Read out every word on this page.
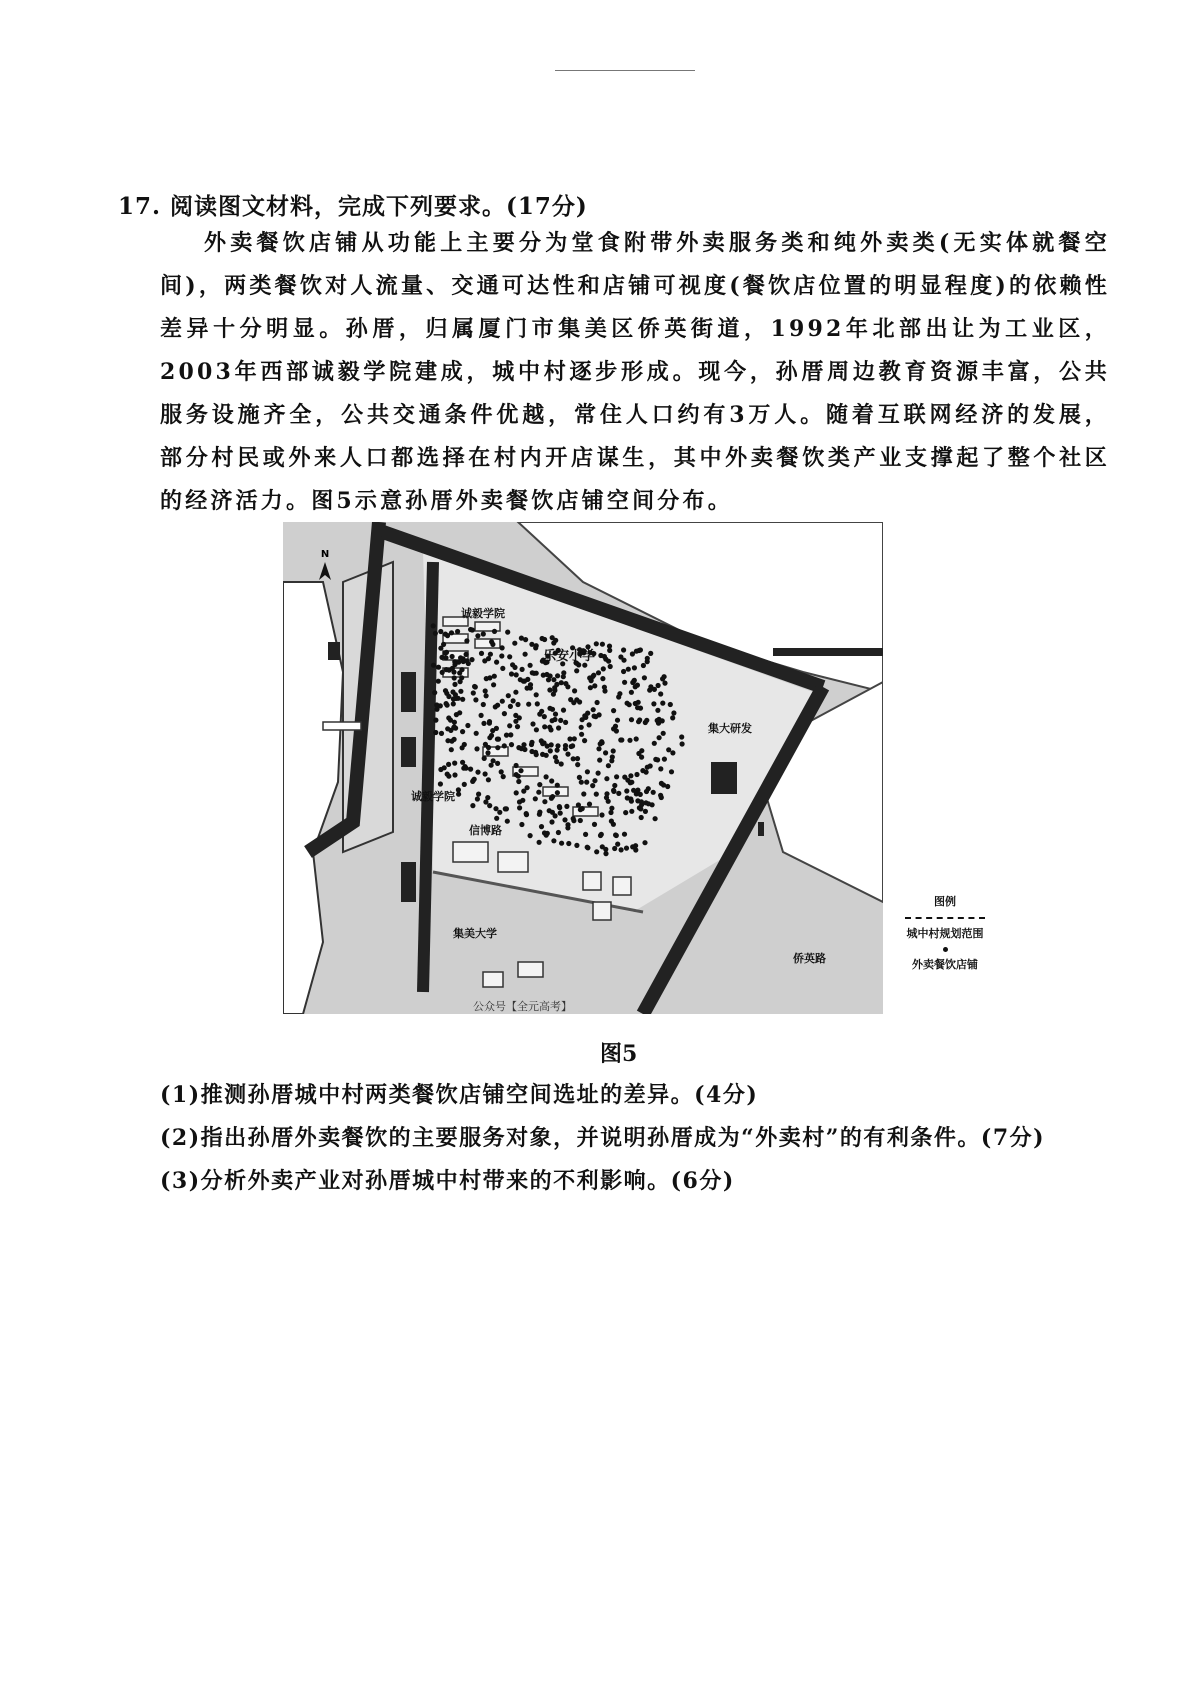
17. 阅读图文材料，完成下列要求。(17分)

外卖餐饮店铺从功能上主要分为堂食附带外卖服务类和纯外卖类(无实体就餐空间)，两类餐饮对人流量、交通可达性和店铺可视度(餐饮店位置的明显程度)的依赖性差异十分明显。孙厝，归属厦门市集美区侨英街道，1992年北部出让为工业区，2003年西部诚毅学院建成，城中村逐步形成。现今，孙厝周边教育资源丰富，公共服务设施齐全，公共交通条件优越，常住人口约有3万人。随着互联网经济的发展，部分村民或外来人口都选择在村内开店谋生，其中外卖餐饮类产业支撑起了整个社区的经济活力。图5示意孙厝外卖餐饮店铺空间分布。

N
诚毅学院
诚毅学院
乐安小学
集大研发
信博路
集美大学
侨英路
公众号【全元高考】
图例
城中村规划范围
外卖餐饮店铺
图5
(1)推测孙厝城中村两类餐饮店铺空间选址的差异。(4分)
(2)指出孙厝外卖餐饮的主要服务对象，并说明孙厝成为“外卖村”的有利条件。(7分)
(3)分析外卖产业对孙厝城中村带来的不利影响。(6分)
